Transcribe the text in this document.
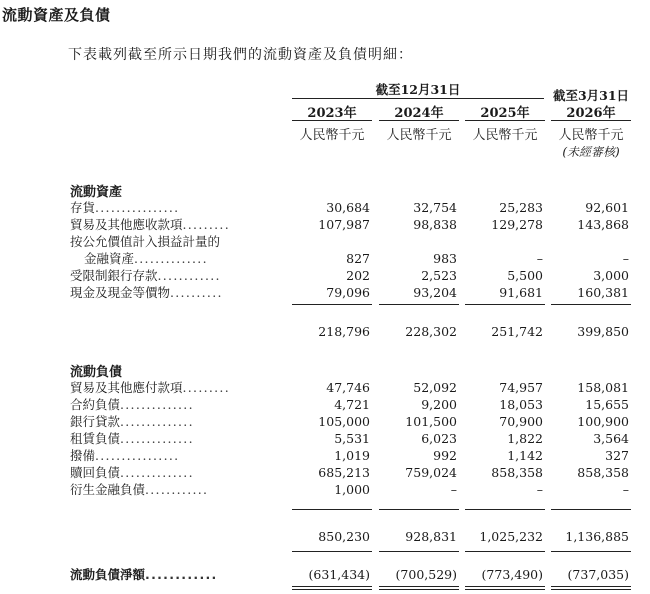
流動資產及負債
下表載列截至所示日期我們的流動資產及負債明細：
截至12月31日	截至3月31日
2023年	2024年	2025年	2026年
人民幣千元	人民幣千元	人民幣千元	人民幣千元
(未經審核)
流動資產
存貨................	30,684	32,754	25,283	92,601
貿易及其他應收款項.........	107,987	98,838	129,278	143,868
按公允價值計入損益計量的
金融資產..............	827	983	–	–
受限制銀行存款............	202	2,523	5,500	3,000
現金及現金等價物..........	79,096	93,204	91,681	160,381
218,796	228,302	251,742	399,850
流動負債
貿易及其他應付款項.........	47,746	52,092	74,957	158,081
合約負債..............	4,721	9,200	18,053	15,655
銀行貸款..............	105,000	101,500	70,900	100,900
租賃負債..............	5,531	6,023	1,822	3,564
撥備................	1,019	992	1,142	327
贖回負債..............	685,213	759,024	858,358	858,358
衍生金融負債............	1,000	–	–	–
850,230	928,831	1,025,232	1,136,885
流動負債淨額............	(631,434)	(700,529)	(773,490)	(737,035)
